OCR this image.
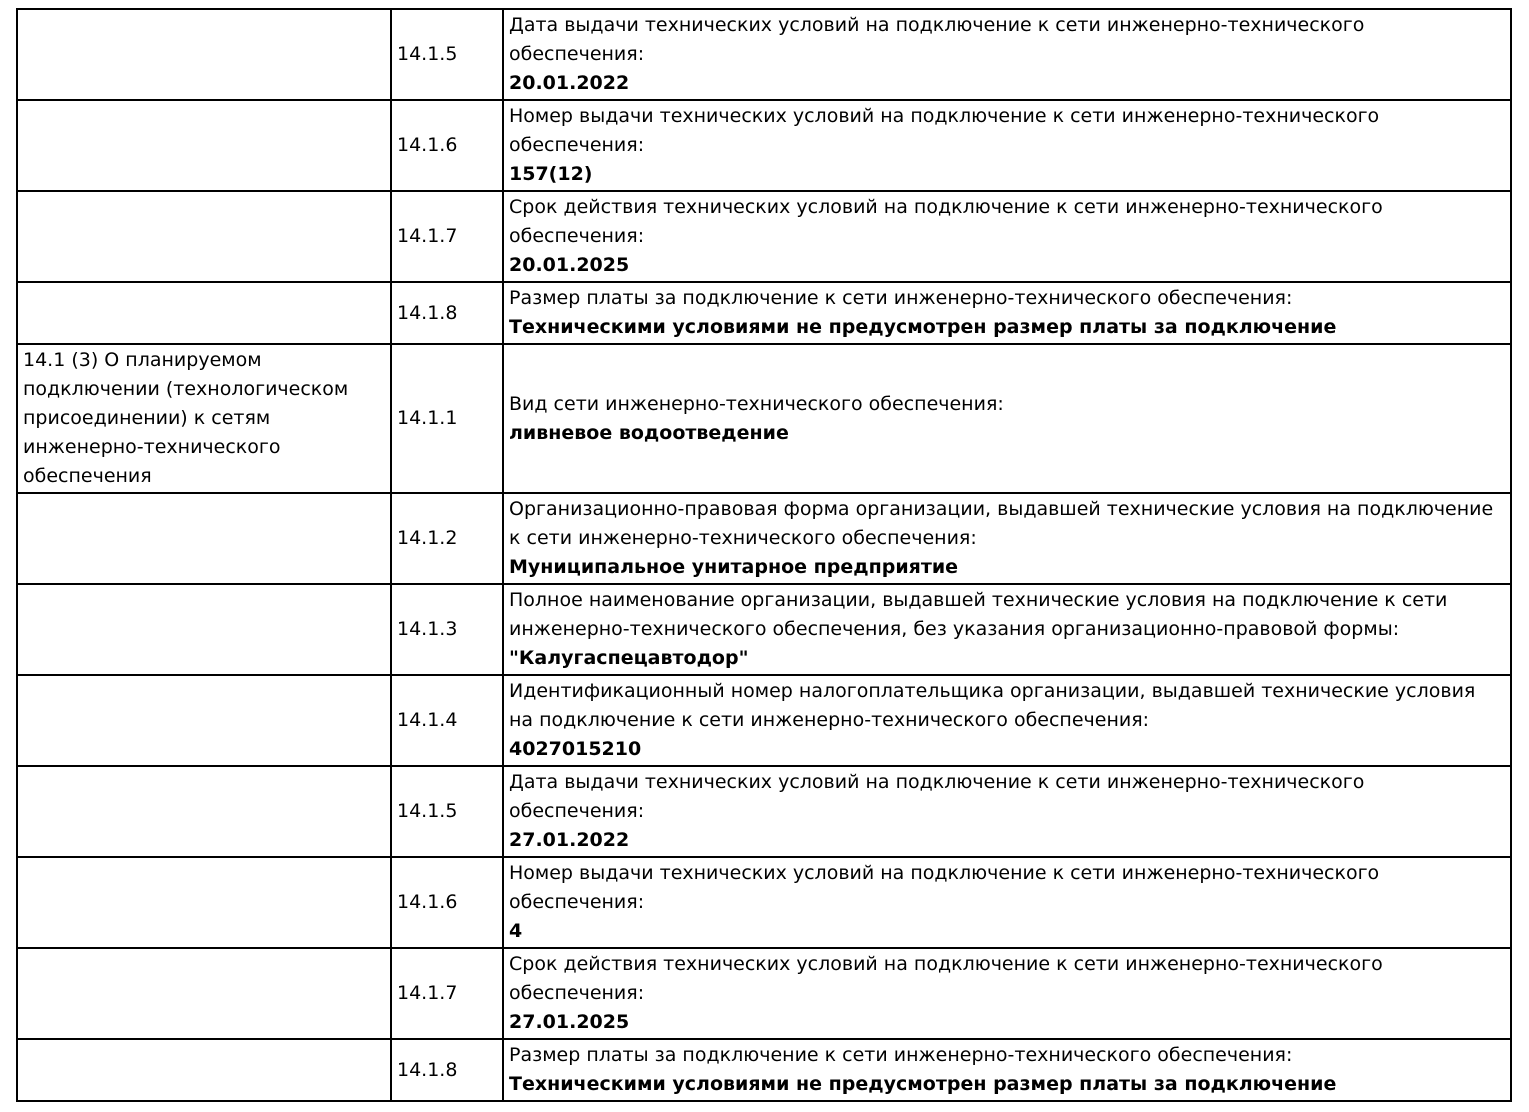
	14.1.5	Дата выдачи технических условий на подключение к сети инженерно-технического обеспечения:
20.01.2022

	14.1.6	Номер выдачи технических условий на подключение к сети инженерно-технического обеспечения:
157(12)

	14.1.7	Срок действия технических условий на подключение к сети инженерно-технического обеспечения:
20.01.2025

	14.1.8	Размер платы за подключение к сети инженерно-технического обеспечения:
Техническими условиями не предусмотрен размер платы за подключение

14.1 (3) О планируемом подключении (технологическом присоединении) к сетям инженерно-технического обеспечения	14.1.1	Вид сети инженерно-технического обеспечения:
ливневое водоотведение

	14.1.2	Организационно-правовая форма организации, выдавшей технические условия на подключение к сети инженерно-технического обеспечения:
Муниципальное унитарное предприятие

	14.1.3	Полное наименование организации, выдавшей технические условия на подключение к сети инженерно-технического обеспечения, без указания организационно-правовой формы:
"Калугаспецавтодор"

	14.1.4	Идентификационный номер налогоплательщика организации, выдавшей технические условия на подключение к сети инженерно-технического обеспечения:
4027015210

	14.1.5	Дата выдачи технических условий на подключение к сети инженерно-технического обеспечения:
27.01.2022

	14.1.6	Номер выдачи технических условий на подключение к сети инженерно-технического обеспечения:
4

	14.1.7	Срок действия технических условий на подключение к сети инженерно-технического обеспечения:
27.01.2025

	14.1.8	Размер платы за подключение к сети инженерно-технического обеспечения:
Техническими условиями не предусмотрен размер платы за подключение
